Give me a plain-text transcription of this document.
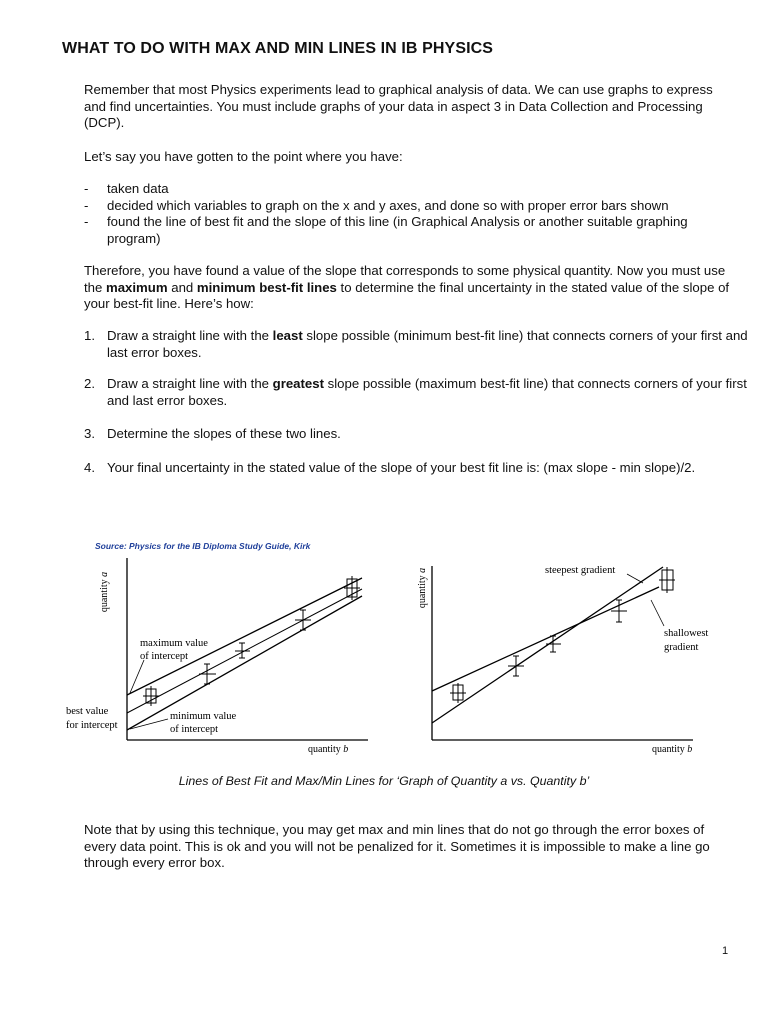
WHAT TO DO WITH MAX AND MIN LINES IN IB PHYSICS

Remember that most Physics experiments lead to graphical analysis of data. We can use graphs to express and find uncertainties. You must include graphs of your data in aspect 3 in Data Collection and Processing (DCP).

Let’s say you have gotten to the point where you have:

- taken data
- decided which variables to graph on the x and y axes, and done so with proper error bars shown
- found the line of best fit and the slope of this line (in Graphical Analysis or another suitable graphing program)

Therefore, you have found a value of the slope that corresponds to some physical quantity. Now you must use the maximum and minimum best-fit lines to determine the final uncertainty in the stated value of the slope of your best-fit line. Here’s how:

1. Draw a straight line with the least slope possible (minimum best-fit line) that connects corners of your first and last error boxes.
2. Draw a straight line with the greatest slope possible (maximum best-fit line) that connects corners of your first and last error boxes.
3. Determine the slopes of these two lines.
4. Your final uncertainty in the stated value of the slope of your best fit line is: (max slope - min slope)/2.
Source: Physics for the IB Diploma Study Guide, Kirk
quantity a
quantity b
maximum value
of intercept
best value
for intercept
minimum value
of intercept
quantity a
quantity b
steepest gradient
shallowest
gradient
Lines of Best Fit and Max/Min Lines for ‘Graph of Quantity a vs. Quantity b’

Note that by using this technique, you may get max and min lines that do not go through the error boxes of every data point. This is ok and you will not be penalized for it. Sometimes it is impossible to make a line go through every error box.

1
